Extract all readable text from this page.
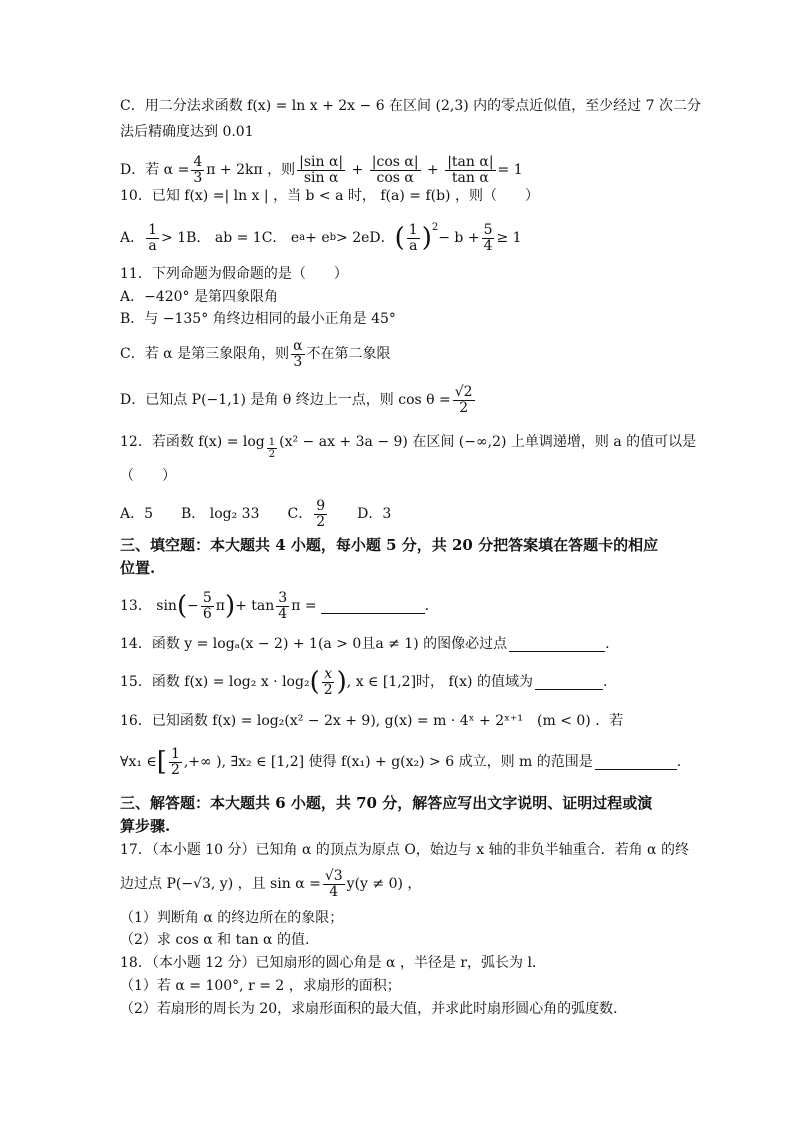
C．用二分法求函数 f(x) = ln x + 2x − 6 在区间 (2,3) 内的零点近似值，至少经过 7 次二分
法后精确度达到 0.01
D．若 $\alpha = \frac{4}{3}$ π + 2kπ ，则 $\frac{\text{|sin α|}}{\text{sin α}} + \frac{\text{|cos α|}}{\text{cos α}} + \frac{\text{|tan α|}}{\text{tan α}} = 1$
10．已知 f(x) =| ln x | ，当 b < a 时， f(a) = f(b) ，则（　　）
A． $\frac{1}{a} > 1B$． ab = 1C． e a + e b > 2eD． ( $\frac{1}{a} )^2$
− $b + \frac{5}{4} \ge 1$
11．下列命题为假命题的是（　　）
A．−420° 是第四象限角
B．与 −135° 角终边相同的最小正角是 45°
C．若 α 是第三象限角，则 $\frac{\alpha}{3}$ 不在第二象限
D．已知点 P(−1,1) 是角 θ 终边上一点，则 $\cos \theta = \frac{√2}{2}$
12．若函数 $f(x) = \log \frac{1}{2} (x^2$ − ax + 3a − 9) 在区间 (−∞,2) 上单调递增，则 a 的值可以是
（　　）
A．5　　B． log₂ 33　　C． $\frac{9}{2}$ 　　D．3
三、填空题：本大题共 4 小题，每小题 5 分，共 20 分把答案填在答题卡的相应
位置.
13． sin ( − $\frac{5}{6}$ π ) + $\tan \frac{3}{4}$ π =	.
14．函数 y = logₐ(x − 2) + 1(a > 0且a ≠ 1) 的图像必过点	.
15．函数 f(x) = log₂ x · log₂ ( $\frac{x}{2}$ ) , x ∈ [1,2]时， f(x) 的值域为	.
16．已知函数 f(x) = log₂(x² − 2x + 9), g(x) = m · 4ˣ + 2ˣ⁺¹　(m < 0) ．若
∀x₁ ∈ [ $\frac{1}{2}$ ,+∞ ), ∃x₂ ∈ [1,2] 使得 f(x₁) + g(x₂) > 6 成立，则 m 的范围是	.
三、解答题：本大题共 6 小题，共 70 分，解答应写出文字说明、证明过程或演
算步骤.
17．（本小题 10 分）已知角 α 的顶点为原点 O，始边与 x 轴的非负半轴重合．若角 α 的终
边过点 P(−√3, y) ，且 $\sin \alpha = \frac{√3}{4} y(y \ne 0)$ ，
（1）判断角 α 的终边所在的象限；
（2）求 cos α 和 tan α 的值.
18．（本小题 12 分）已知扇形的圆心角是 α ，半径是 r，弧长为 l．
（1）若 α = 100°, r = 2 ，求扇形的面积；
（2）若扇形的周长为 20，求扇形面积的最大值，并求此时扇形圆心角的弧度数．
